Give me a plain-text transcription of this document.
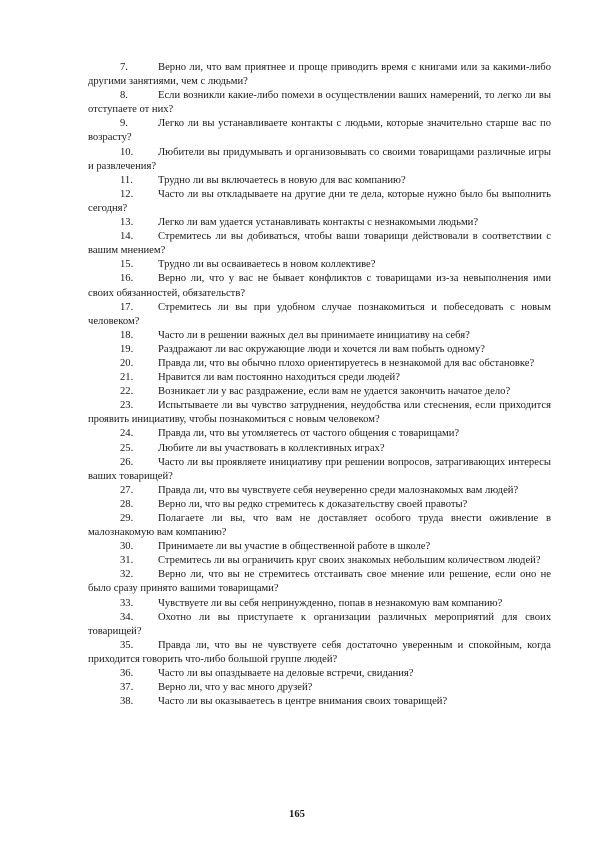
7.	Верно ли, что вам приятнее и проще приводить время с книгами или за какими-либо другими занятиями, чем с людьми?

8.	Если возникли какие-либо помехи в осуществлении ваших намерений, то легко ли вы отступаете от них?

9.	Легко ли вы устанавливаете контакты с людьми, которые значительно старше вас по возрасту?

10. Любители вы придумывать и организовывать со своими товарищами различные игры и развлечения?

11. Трудно ли вы включаетесь в новую для вас компанию?

12. Часто ли вы откладываете на другие дни те дела, которые нужно было бы выполнить сегодня?

13. Легко ли вам удается устанавливать контакты с незнакомыми людьми?

14. Стремитесь ли вы добиваться, чтобы ваши товарищи действовали в соответствии с вашим мнением?

15. Трудно ли вы осваиваетесь в новом коллективе?

16. Верно ли, что у вас не бывает конфликтов с товарищами из-за невыполнения ими своих обязанностей, обязательств?

17. Стремитесь ли вы при удобном случае познакомиться и побеседовать с новым человеком?

18. Часто ли в решении важных дел вы принимаете инициативу на себя?

19. Раздражают ли вас окружающие люди и хочется ли вам побыть одному?

20. Правда ли, что вы обычно плохо ориентируетесь в незнакомой для вас обстановке?

21. Нравится ли вам постоянно находиться среди людей?

22. Возникает ли у вас раздражение, если вам не удается закончить начатое дело?

23. Испытываете ли вы чувство затруднения, неудобства или стеснения, если приходится проявить инициативу, чтобы познакомиться с новым человеком?

24. Правда ли, что вы утомляетесь от частого общения с товарищами?

25. Любите ли вы участвовать в коллективных играх?

26. Часто ли вы проявляете инициативу при решении вопросов, затрагивающих интересы ваших товарищей?

27. Правда ли, что вы чувствуете себя неуверенно среди малознакомых вам людей?

28. Верно ли, что вы редко стремитесь к доказательству своей правоты?

29. Полагаете ли вы, что вам не доставляет особого труда внести оживление в малознакомую вам компанию?

30. Принимаете ли вы участие в общественной работе в школе?

31. Стремитесь ли вы ограничить круг своих знакомых небольшим количеством людей?

32. Верно ли, что вы не стремитесь отстаивать свое мнение или решение, если оно не было сразу принято вашими товарищами?

33. Чувствуете ли вы себя непринужденно, попав в незнакомую вам компанию?

34. Охотно ли вы приступаете к организации различных мероприятий для своих товарищей?

35. Правда ли, что вы не чувствуете себя достаточно уверенным и спокойным, когда приходится говорить что-либо большой группе людей?

36. Часто ли вы опаздываете на деловые встречи, свидания?

37. Верно ли, что у вас много друзей?

38. Часто ли вы оказываетесь в центре внимания своих товарищей?

165
